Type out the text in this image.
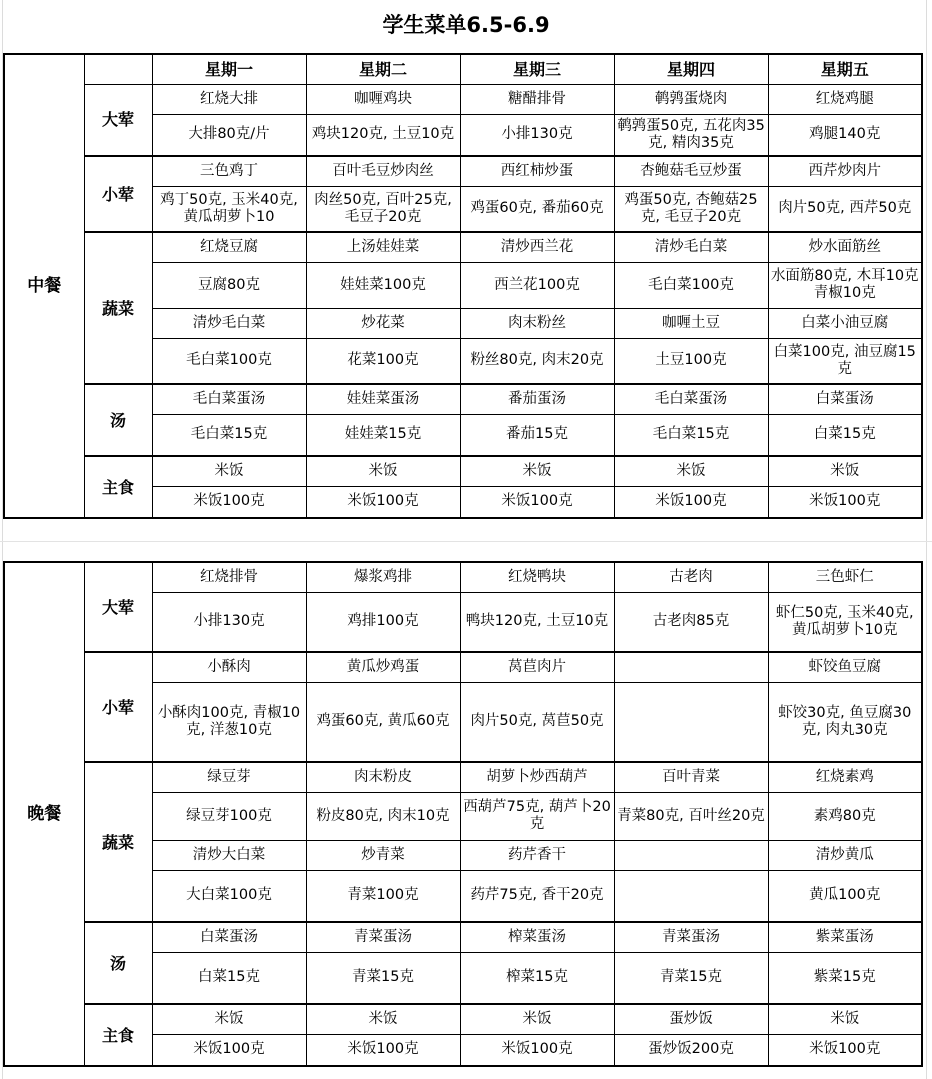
学生菜单6.5-6.9
中餐		星期一	星期二	星期三	星期四	星期五
	大荤	红烧大排	咖喱鸡块	糖醋排骨	鹌鹑蛋烧肉	红烧鸡腿
		大排80克/片	鸡块120克, 土豆10克	小排130克	鹌鹑蛋50克, 五花肉35克, 精肉35克	鸡腿140克
	小荤	三色鸡丁	百叶毛豆炒肉丝	西红柿炒蛋	杏鲍菇毛豆炒蛋	西芹炒肉片
		鸡丁50克, 玉米40克, 黄瓜胡萝卜10	肉丝50克, 百叶25克, 毛豆子20克	鸡蛋60克, 番茄60克	鸡蛋50克, 杏鲍菇25克, 毛豆子20克	肉片50克, 西芹50克
	蔬菜	红烧豆腐	上汤娃娃菜	清炒西兰花	清炒毛白菜	炒水面筋丝
		豆腐80克	娃娃菜100克	西兰花100克	毛白菜100克	水面筋80克, 木耳10克青椒10克
		清炒毛白菜	炒花菜	肉末粉丝	咖喱土豆	白菜小油豆腐
		毛白菜100克	花菜100克	粉丝80克, 肉末20克	土豆100克	白菜100克, 油豆腐15克
	汤	毛白菜蛋汤	娃娃菜蛋汤	番茄蛋汤	毛白菜蛋汤	白菜蛋汤
		毛白菜15克	娃娃菜15克	番茄15克	毛白菜15克	白菜15克
	主食	米饭	米饭	米饭	米饭	米饭
		米饭100克	米饭100克	米饭100克	米饭100克	米饭100克
晚餐	大荤	红烧排骨	爆浆鸡排	红烧鸭块	古老肉	三色虾仁
		小排130克	鸡排100克	鸭块120克, 土豆10克	古老肉85克	虾仁50克, 玉米40克, 黄瓜胡萝卜10克
	小荤	小酥肉	黄瓜炒鸡蛋	莴苣肉片		虾饺鱼豆腐
		小酥肉100克, 青椒10克, 洋葱10克	鸡蛋60克, 黄瓜60克	肉片50克, 莴苣50克		虾饺30克, 鱼豆腐30克, 肉丸30克
	蔬菜	绿豆芽	肉末粉皮	胡萝卜炒西葫芦	百叶青菜	红烧素鸡
		绿豆芽100克	粉皮80克, 肉末10克	西葫芦75克, 葫芦卜20克	青菜80克, 百叶丝20克	素鸡80克
		清炒大白菜	炒青菜	药芹香干		清炒黄瓜
		大白菜100克	青菜100克	药芹75克, 香干20克		黄瓜100克
	汤	白菜蛋汤	青菜蛋汤	榨菜蛋汤	青菜蛋汤	紫菜蛋汤
		白菜15克	青菜15克	榨菜15克	青菜15克	紫菜15克
	主食	米饭	米饭	米饭	蛋炒饭	米饭
		米饭100克	米饭100克	米饭100克	蛋炒饭200克	米饭100克
